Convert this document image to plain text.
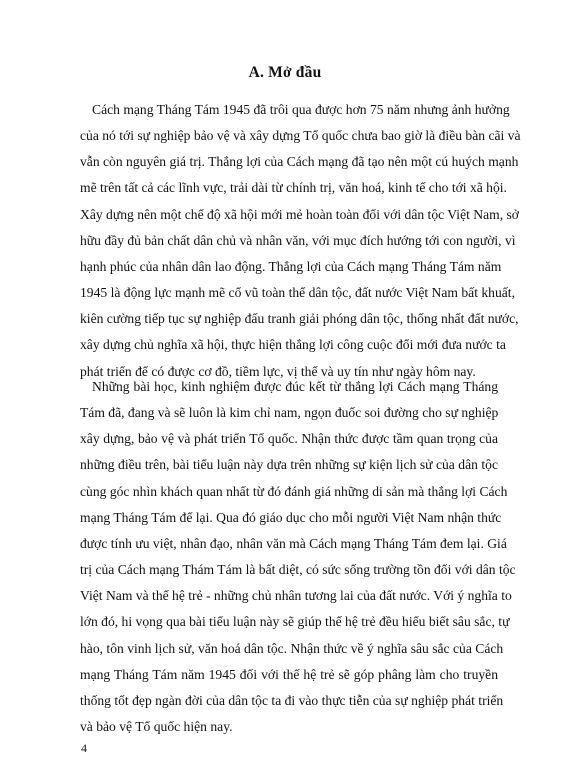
A. Mở đầu
Cách mạng Tháng Tám 1945 đã trôi qua được hơn 75 năm nhưng ảnh hưởng
của nó tới sự nghiệp bảo vệ và xây dựng Tổ quốc chưa bao giờ là điều bàn cãi và
vẫn còn nguyên giá trị. Thắng lợi của Cách mạng đã tạo nên một cú huých mạnh
mẽ trên tất cả các lĩnh vực, trải dài từ chính trị, văn hoá, kinh tế cho tới xã hội.
Xây dựng nên một chế độ xã hội mới mẻ hoàn toàn đối với dân tộc Việt Nam, sở
hữu đầy đủ bản chất dân chủ và nhân văn, với mục đích hướng tới con người, vì
hạnh phúc của nhân dân lao động. Thắng lợi của Cách mạng Tháng Tám năm
1945 là động lực mạnh mẽ cổ vũ toàn thể dân tộc, đất nước Việt Nam bất khuất,
kiên cường tiếp tục sự nghiệp đấu tranh giải phóng dân tộc, thống nhất đất nước,
xây dựng chủ nghĩa xã hội, thực hiện thắng lợi công cuộc đổi mới đưa nước ta
phát triển để có được cơ đồ, tiềm lực, vị thế và uy tín như ngày hôm nay.
Những bài học, kinh nghiệm được đúc kết từ thắng lợi Cách mạng Tháng
Tám đã, đang và sẽ luôn là kim chỉ nam, ngọn đuốc soi đường cho sự nghiệp
xây dựng, bảo vệ và phát triển Tổ quốc. Nhận thức được tầm quan trọng của
những điều trên, bài tiểu luận này dựa trên những sự kiện lịch sử của dân tộc
cùng góc nhìn khách quan nhất từ đó đánh giá những di sản mà thắng lợi Cách
mạng Tháng Tám để lại. Qua đó giáo dục cho mỗi người Việt Nam nhận thức
được tính ưu việt, nhân đạo, nhân văn mà Cách mạng Tháng Tám đem lại. Giá
trị của Cách mạng Thám Tám là bất diệt, có sức sống trường tồn đối với dân tộc
Việt Nam và thế hệ trẻ - những chủ nhân tương lai của đất nước. Với ý nghĩa to
lớn đó, hi vọng qua bài tiểu luận này sẽ giúp thế hệ trẻ đều hiểu biết sâu sắc, tự
hào, tôn vinh lịch sử, văn hoá dân tộc. Nhận thức về ý nghĩa sâu sắc của Cách
mạng Tháng Tám năm 1945 đối với thế hệ trẻ sẽ góp phâng làm cho truyền
thống tốt đẹp ngàn đời của dân tộc ta đi vào thực tiễn của sự nghiệp phát triển
và bảo vệ Tổ quốc hiện nay.
4
